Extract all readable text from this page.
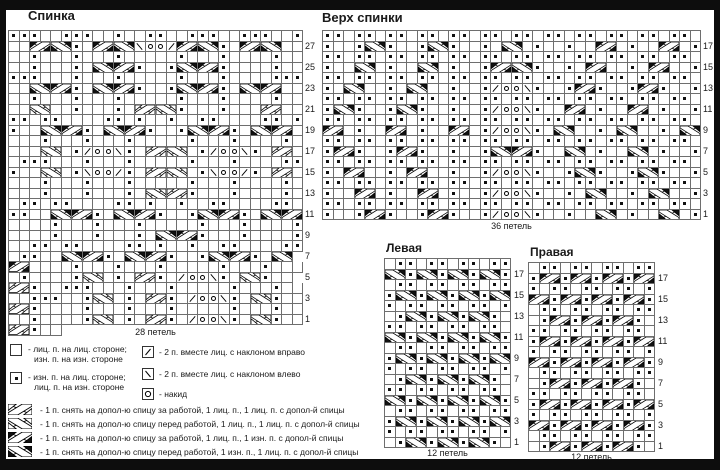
Спинка
27
25
23
21
19
17
15
13
11
9
7
5
3
1
28 петель
Верх спинки
17
15
13
11
9
7
5
3
1
36 петель
Левая
17
15
13
11
9
7
5
3
1
12 петель
Правая
17
15
13
11
9
7
5
3
1
12 петель
- лиц. п. на лиц. стороне;
изн. п. на изн. стороне
- изн. п. на лиц. стороне;
лиц. п. на изн. стороне
- 2 п. вместе лиц. с наклоном вправо
- 2 п. вместе лиц. с наклоном влево
- накид
- 1 п. снять на допол-ю спицу за работой, 1 лиц. п., 1 лиц. п. с допол-й спицы
- 1 п. снять на допол-ю спицу перед работой, 1 лиц. п., 1 лиц. п. с допол-й спицы
- 1 п. снять на допол-ю спицу за работой, 1 лиц. п., 1 изн. п. с допол-й спицы
- 1 п. снять на допол-ю спицу перед работой, 1 изн. п., 1 лиц. п. с допол-й спицы
